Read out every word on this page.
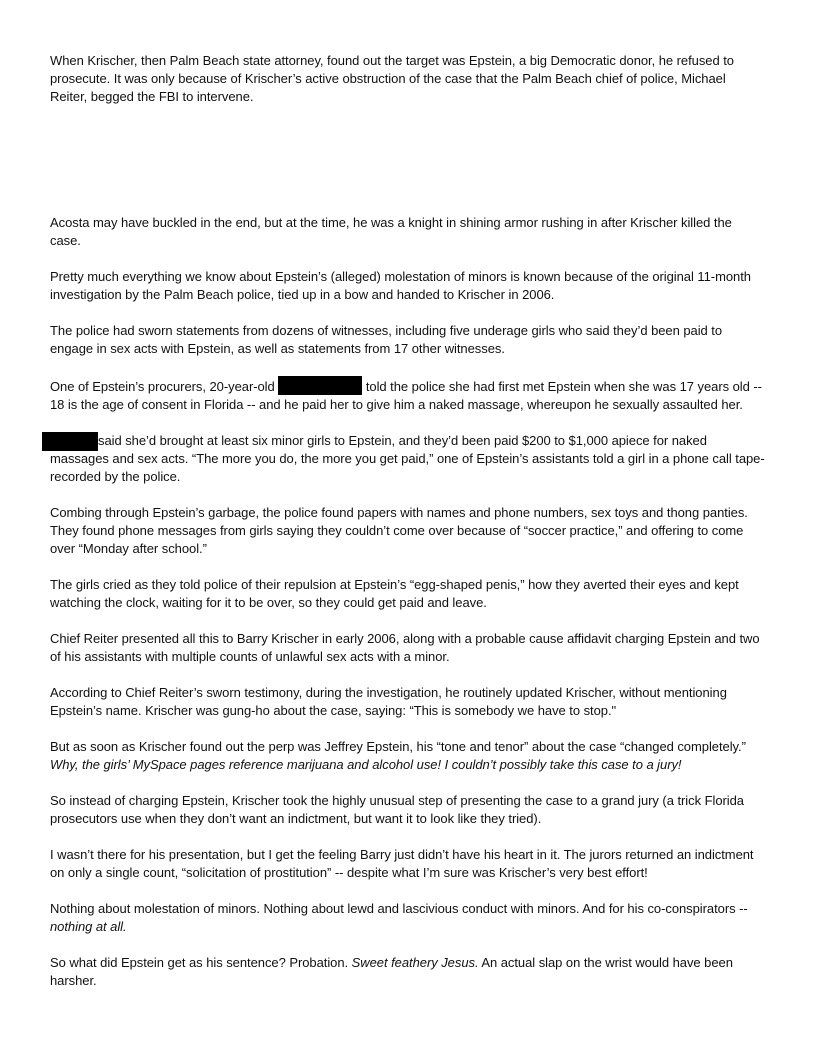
When Krischer, then Palm Beach state attorney, found out the target was Epstein, a big Democratic donor, he refused to prosecute. It was only because of Krischer’s active obstruction of the case that the Palm Beach chief of police, Michael Reiter, begged the FBI to intervene.

Acosta may have buckled in the end, but at the time, he was a knight in shining armor rushing in after Krischer killed the case.

Pretty much everything we know about Epstein’s (alleged) molestation of minors is known because of the original 11-month investigation by the Palm Beach police, tied up in a bow and handed to Krischer in 2006.

The police had sworn statements from dozens of witnesses, including five underage girls who said they’d been paid to engage in sex acts with Epstein, as well as statements from 17 other witnesses.

One of Epstein’s procurers, 20-year-old	told the police she had first met Epstein when she was 17 years old -- 18 is the age of consent in Florida -- and he paid her to give him a naked massage, whereupon he sexually assaulted her.

said she’d brought at least six minor girls to Epstein, and they’d been paid $200 to $1,000 apiece for naked massages and sex acts. “The more you do, the more you get paid,” one of Epstein’s assistants told a girl in a phone call tape-recorded by the police.

Combing through Epstein’s garbage, the police found papers with names and phone numbers, sex toys and thong panties. They found phone messages from girls saying they couldn’t come over because of “soccer practice,” and offering to come over “Monday after school.”

The girls cried as they told police of their repulsion at Epstein’s “egg-shaped penis,” how they averted their eyes and kept watching the clock, waiting for it to be over, so they could get paid and leave.

Chief Reiter presented all this to Barry Krischer in early 2006, along with a probable cause affidavit charging Epstein and two of his assistants with multiple counts of unlawful sex acts with a minor.

According to Chief Reiter’s sworn testimony, during the investigation, he routinely updated Krischer, without mentioning Epstein’s name. Krischer was gung-ho about the case, saying: “This is somebody we have to stop."

But as soon as Krischer found out the perp was Jeffrey Epstein, his “tone and tenor” about the case “changed completely.” Why, the girls’ MySpace pages reference marijuana and alcohol use! I couldn’t possibly take this case to a jury!

So instead of charging Epstein, Krischer took the highly unusual step of presenting the case to a grand jury (a trick Florida prosecutors use when they don’t want an indictment, but want it to look like they tried).

I wasn’t there for his presentation, but I get the feeling Barry just didn’t have his heart in it. The jurors returned an indictment on only a single count, “solicitation of prostitution” -- despite what I’m sure was Krischer’s very best effort!

Nothing about molestation of minors. Nothing about lewd and lascivious conduct with minors. And for his co-conspirators -- nothing at all.

So what did Epstein get as his sentence? Probation. Sweet feathery Jesus. An actual slap on the wrist would have been harsher.
